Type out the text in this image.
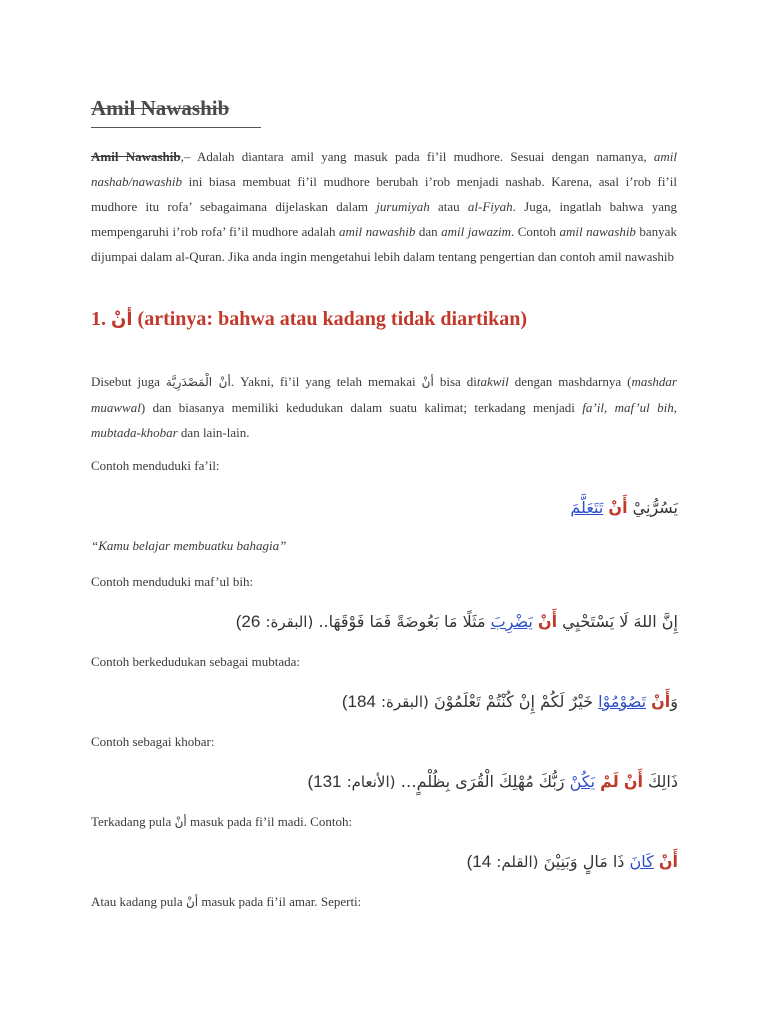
Amil Nawashib

Amil Nawashib,– Adalah diantara amil yang masuk pada fi’il mudhore. Sesuai dengan namanya, amil nashab/nawashib ini biasa membuat fi’il mudhore berubah i’rob menjadi nashab. Karena, asal i’rob fi’il mudhore itu rofa’ sebagaimana dijelaskan dalam jurumiyah atau al-Fiyah. Juga, ingatlah bahwa yang mempengaruhi i’rob rofa’ fi’il mudhore adalah amil nawashib dan amil jawazim. Contoh amil nawashib banyak dijumpai dalam al-Quran. Jika anda ingin mengetahui lebih dalam tentang pengertian dan contoh amil nawashib

1. أنْ (artinya: bahwa atau kadang tidak diartikan)

Disebut juga أنْ الْمَصْدَرِيَّة. Yakni, fi’il yang telah memakai أنْ bisa ditakwil dengan mashdarnya (mashdar muawwal) dan biasanya memiliki kedudukan dalam suatu kalimat; terkadang menjadi fa’il, maf’ul bih, mubtada-khobar dan lain-lain.

Contoh menduduki fa’il:

يَسُرُّنِيْ أَنْ تَتَعَلَّمَ

“Kamu belajar membuatku bahagia”

Contoh menduduki maf’ul bih:

إِنَّ اللهَ لَا يَسْتَحْيِي أَنْ يَضْرِبَ مَثَلًا مَا بَعُوضَةً فَمَا فَوْقَهَا.. (البقرة: 26)

Contoh berkedudukan sebagai mubtada:

وَأَنْ تَصُوْمُوْا خَيْرٌ لَكُمْ إِنْ كُنْتُمْ تَعْلَمُوْنَ (البقرة: 184)

Contoh sebagai khobar:

ذَالِكَ أَنْ لَمْ يَكُنْ رَبُّكَ مُهْلِكَ الْقُرَى بِظُلْمٍ… (الأنعام: 131)

Terkadang pula أنْ masuk pada fi’il madi. Contoh:

أَنْ كَانَ ذَا مَالٍ وَبَنِيْنَ (القلم: 14)

Atau kadang pula أنْ masuk pada fi’il amar. Seperti:
